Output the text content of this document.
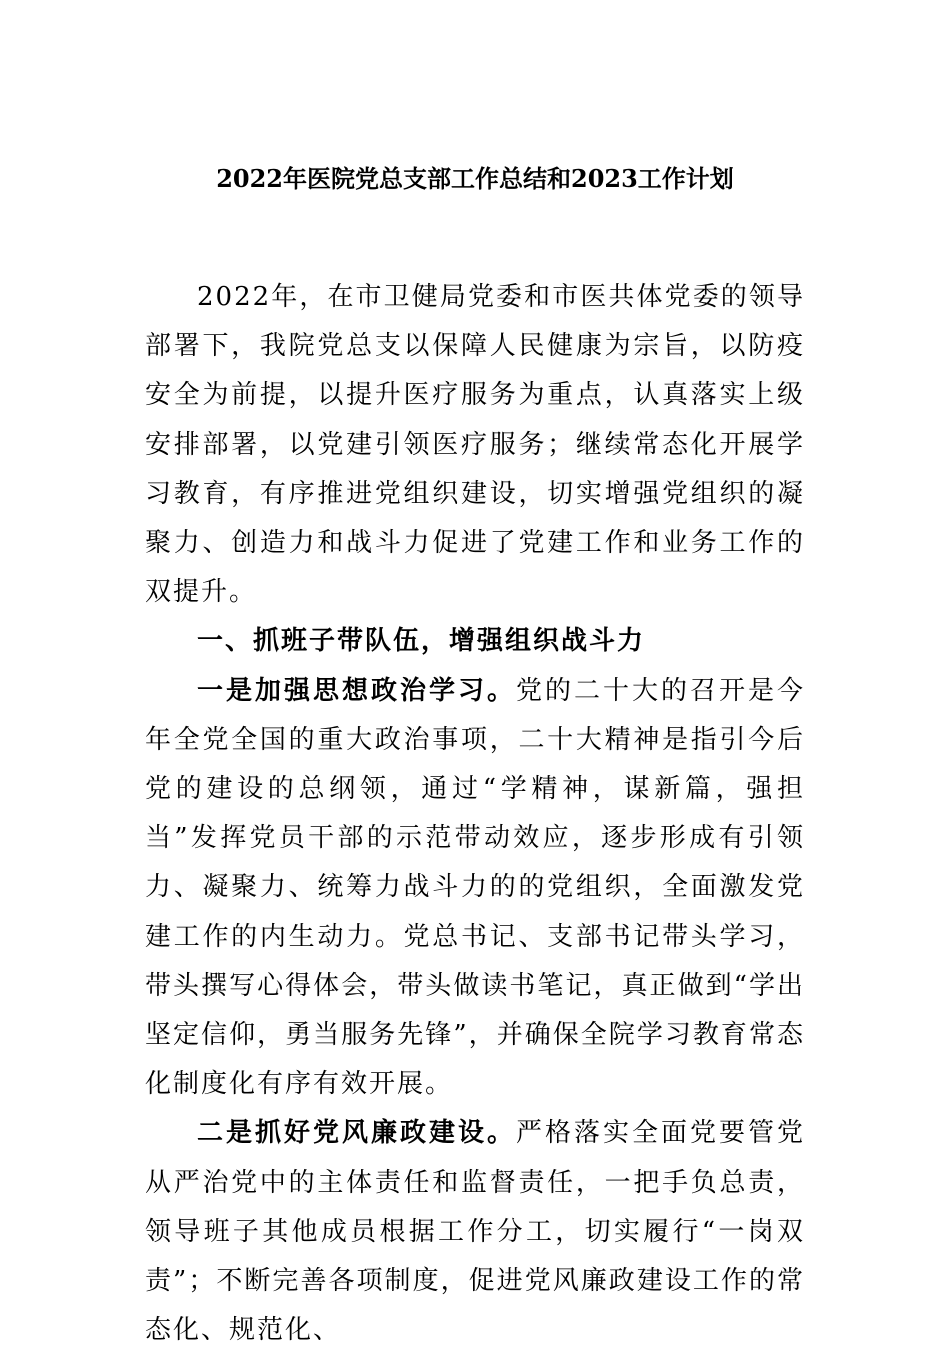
2022年医院党总支部工作总结和2023工作计划

2022年，在市卫健局党委和市医共体党委的领导部署下，我院党总支以保障人民健康为宗旨，以防疫安全为前提，以提升医疗服务为重点，认真落实上级安排部署，以党建引领医疗服务；继续常态化开展学习教育，有序推进党组织建设，切实增强党组织的凝聚力、创造力和战斗力促进了党建工作和业务工作的双提升。

一、抓班子带队伍，增强组织战斗力

一是加强思想政治学习。党的二十大的召开是今年全党全国的重大政治事项，二十大精神是指引今后党的建设的总纲领，通过“学精神，谋新篇，强担当”发挥党员干部的示范带动效应，逐步形成有引领力、凝聚力、统筹力战斗力的的党组织，全面激发党建工作的内生动力。党总书记、支部书记带头学习，带头撰写心得体会，带头做读书笔记，真正做到“学出坚定信仰，勇当服务先锋”，并确保全院学习教育常态化制度化有序有效开展。

二是抓好党风廉政建设。严格落实全面党要管党从严治党中的主体责任和监督责任，一把手负总责，领导班子其他成员根据工作分工，切实履行“一岗双责”；不断完善各项制度，促进党风廉政建设工作的常态化、规范化、
